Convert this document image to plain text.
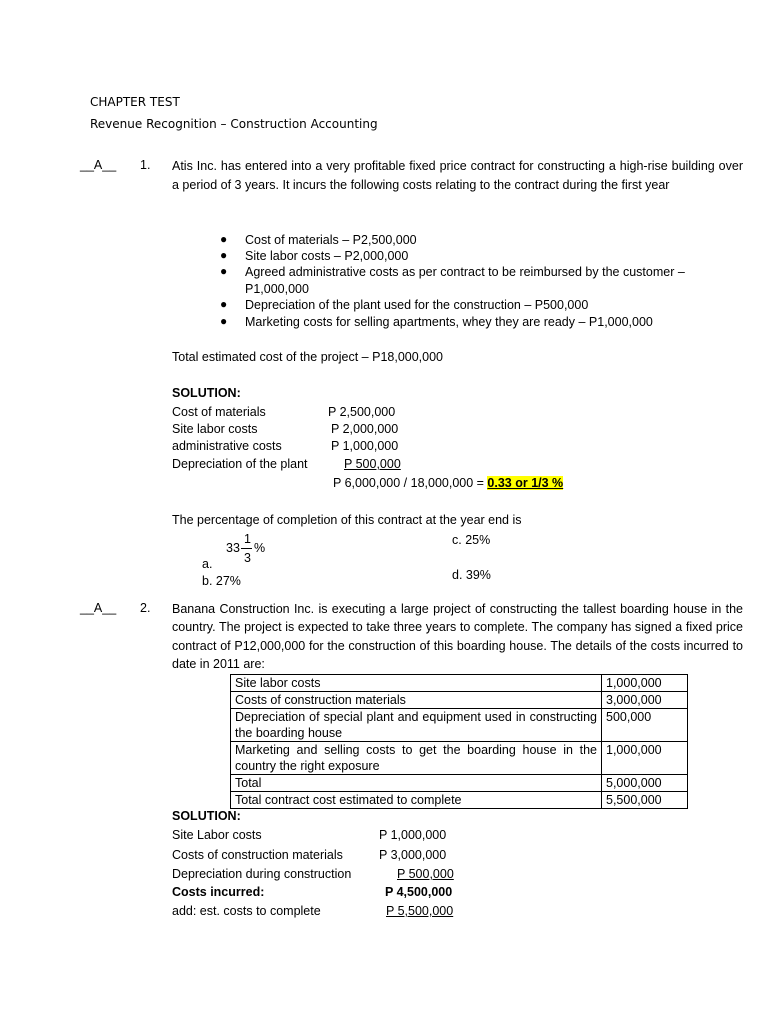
CHAPTER TEST
Revenue Recognition – Construction Accounting
__A__ 1. Atis Inc. has entered into a very profitable fixed price contract for constructing a high-rise building over a period of 3 years. It incurs the following costs relating to the contract during the first year
● Cost of materials – P2,500,000
● Site labor costs – P2,000,000
● Agreed administrative costs as per contract to be reimbursed by the customer –
P1,000,000
● Depreciation of the plant used for the construction – P500,000
● Marketing costs for selling apartments, whey they are ready – P1,000,000
Total estimated cost of the project – P18,000,000
SOLUTION:
Cost of materials	P 2,500,000
Site labor costs	P 2,000,000
administrative costs	P 1,000,000
Depreciation of the plant	P 500,000
P 6,000,000 / 18,000,000 = 0.33 or 1/3 %
The percentage of completion of this contract at the year end is
33
1
3
%
a.
b. 27%
c. 25%
d. 39%
__A__ 2. Banana Construction Inc. is executing a large project of constructing the tallest boarding house in the country. The project is expected to take three years to complete. The company has signed a fixed price contract of P12,000,000 for the construction of this boarding house. The details of the costs incurred to date in 2011 are:
Site labor costs	1,000,000
Costs of construction materials	3,000,000
Depreciation of special plant and equipment used in constructing the boarding house	500,000
Marketing and selling costs to get the boarding house in the country the right exposure	1,000,000
Total	5,000,000
Total contract cost estimated to complete	5,500,000
SOLUTION:
Site Labor costs	P 1,000,000
Costs of construction materials	P 3,000,000
Depreciation during construction	P 500,000
Costs incurred:	P 4,500,000
add: est. costs to complete	P 5,500,000
